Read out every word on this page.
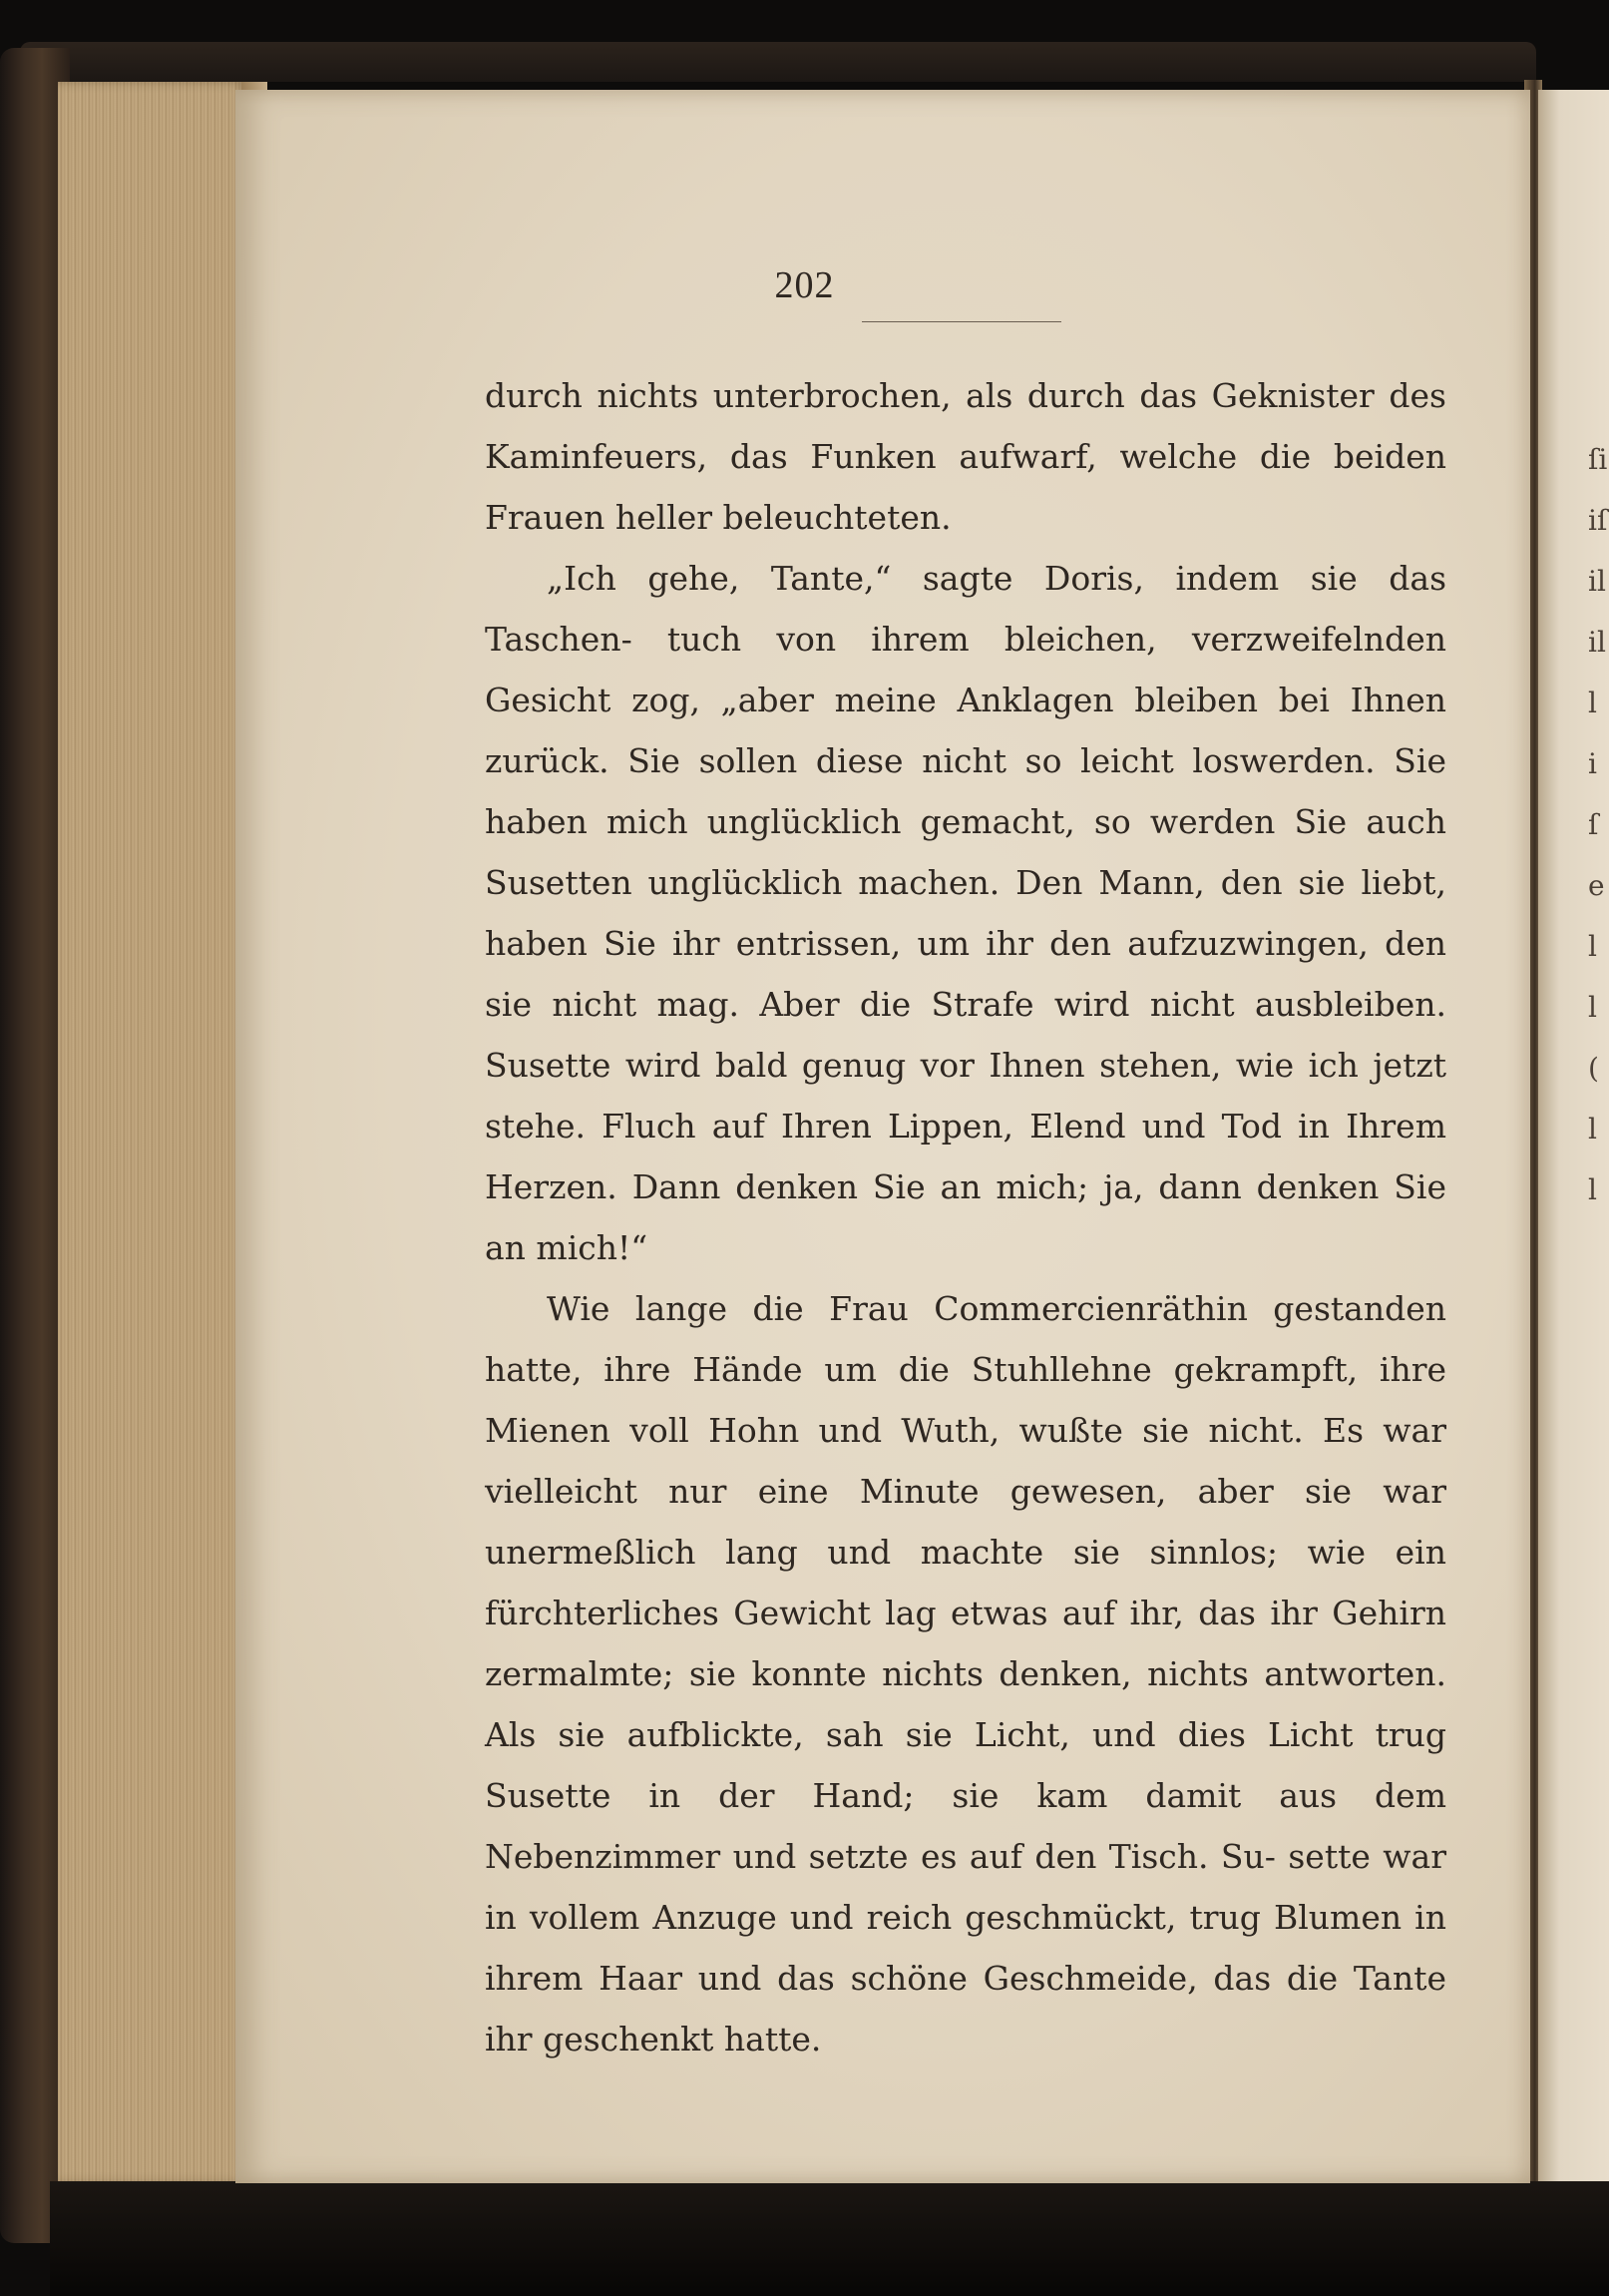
ſi
iſ
il
il
l
i
ſ
e
l
l
(
l
l
202

durch nichts unterbrochen, als durch das Geknister des Kaminfeuers, das Funken aufwarf, welche die beiden Frauen heller beleuchteten.

„Ich gehe, Tante,“ sagte Doris, indem sie das Taschen- tuch von ihrem bleichen, verzweifelnden Gesicht zog, „aber meine Anklagen bleiben bei Ihnen zurück. Sie sollen diese nicht so leicht loswerden. Sie haben mich unglücklich gemacht, so werden Sie auch Susetten unglücklich machen. Den Mann, den sie liebt, haben Sie ihr entrissen, um ihr den aufzuzwingen, den sie nicht mag. Aber die Strafe wird nicht ausbleiben. Susette wird bald genug vor Ihnen stehen, wie ich jetzt stehe. Fluch auf Ihren Lippen, Elend und Tod in Ihrem Herzen. Dann denken Sie an mich; ja, dann denken Sie an mich!“

Wie lange die Frau Commercienräthin gestanden hatte, ihre Hände um die Stuhllehne gekrampft, ihre Mienen voll Hohn und Wuth, wußte sie nicht. Es war vielleicht nur eine Minute gewesen, aber sie war unermeßlich lang und machte sie sinnlos; wie ein fürchterliches Gewicht lag etwas auf ihr, das ihr Gehirn zermalmte; sie konnte nichts denken, nichts antworten. Als sie aufblickte, sah sie Licht, und dies Licht trug Susette in der Hand; sie kam damit aus dem Nebenzimmer und setzte es auf den Tisch. Su- sette war in vollem Anzuge und reich geschmückt, trug Blumen in ihrem Haar und das schöne Geschmeide, das die Tante ihr geschenkt hatte.
